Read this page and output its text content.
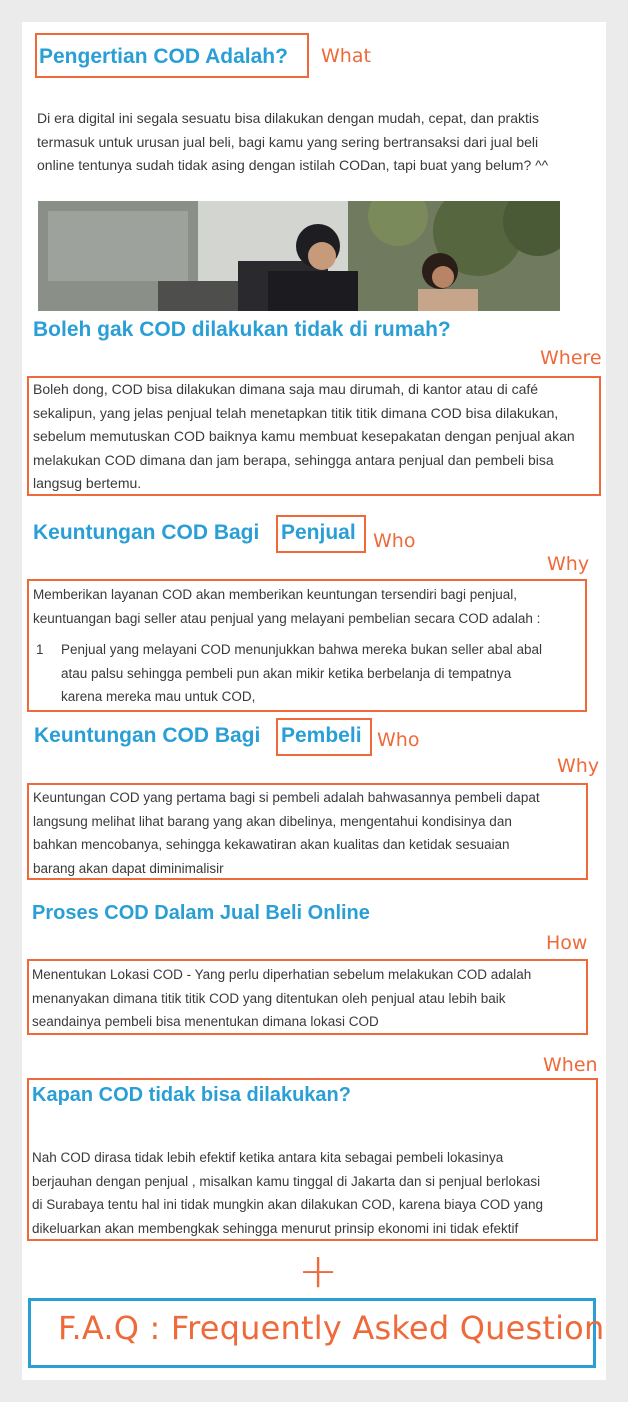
Pengertian COD Adalah? What
Di era digital ini segala sesuatu bisa dilakukan dengan mudah, cepat, dan praktis
termasuk untuk urusan jual beli, bagi kamu yang sering bertransaksi dari jual beli
online tentunya sudah tidak asing dengan istilah CODan, tapi buat yang belum? ^^
Boleh gak COD dilakukan tidak di rumah?
Where
Boleh dong, COD bisa dilakukan dimana saja mau dirumah, di kantor atau di café
sekalipun, yang jelas penjual telah menetapkan titik titik dimana COD bisa dilakukan,
sebelum memutuskan COD baiknya kamu membuat kesepakatan dengan penjual akan
melakukan COD dimana dan jam berapa, sehingga antara penjual dan pembeli bisa
langsug bertemu.
Keuntungan COD Bagi Penjual Who
Why
Memberikan layanan COD akan memberikan keuntungan tersendiri bagi penjual,
keuntuangan bagi seller atau penjual yang melayani pembelian secara COD adalah :
1 Penjual yang melayani COD menunjukkan bahwa mereka bukan seller abal abal
atau palsu sehingga pembeli pun akan mikir ketika berbelanja di tempatnya
karena mereka mau untuk COD,
Keuntungan COD Bagi Pembeli Who
Why
Keuntungan COD yang pertama bagi si pembeli adalah bahwasannya pembeli dapat
langsung melihat lihat barang yang akan dibelinya, mengentahui kondisinya dan
bahkan mencobanya, sehingga kekawatiran akan kualitas dan ketidak sesuaian
barang akan dapat diminimalisir
Proses COD Dalam Jual Beli Online
How
Menentukan Lokasi COD - Yang perlu diperhatian sebelum melakukan COD adalah
menanyakan dimana titik titik COD yang ditentukan oleh penjual atau lebih baik
seandainya pembeli bisa menentukan dimana lokasi COD
When
Kapan COD tidak bisa dilakukan?
Nah COD dirasa tidak lebih efektif ketika antara kita sebagai pembeli lokasinya
berjauhan dengan penjual , misalkan kamu tinggal di Jakarta dan si penjual berlokasi
di Surabaya tentu hal ini tidak mungkin akan dilakukan COD, karena biaya COD yang
dikeluarkan akan membengkak sehingga menurut prinsip ekonomi ini tidak efektif
+
F.A.Q : Frequently Asked Question
